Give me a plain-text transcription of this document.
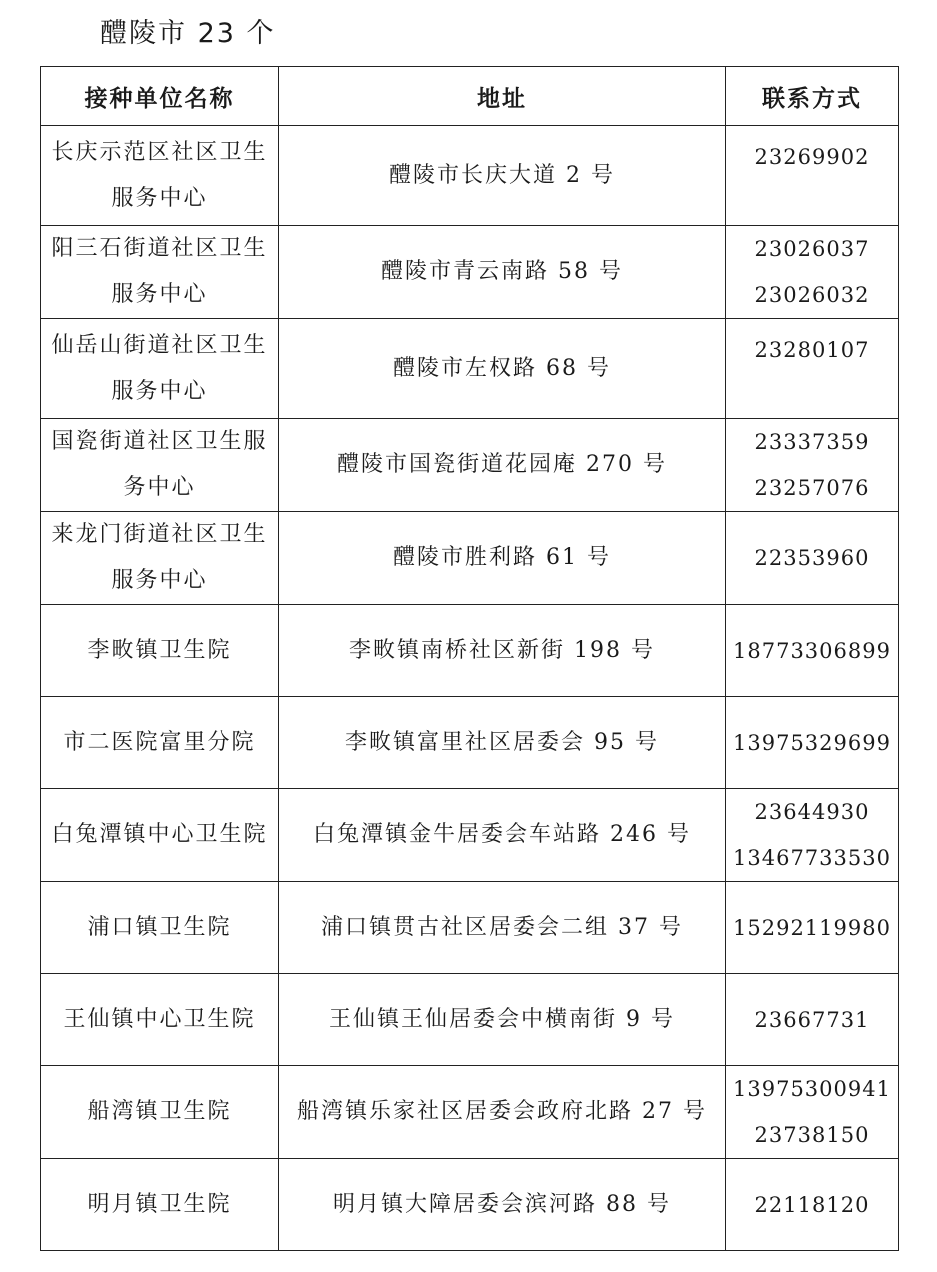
醴陵市 23 个
接种单位名称	地址	联系方式
长庆示范区社区卫生服务中心	醴陵市长庆大道 2 号	23269902

阳三石街道社区卫生服务中心	醴陵市青云南路 58 号	23026037
23026032

仙岳山街道社区卫生服务中心	醴陵市左权路 68 号	23280107

国瓷街道社区卫生服务中心	醴陵市国瓷街道花园庵 270 号	23337359
23257076

来龙门街道社区卫生服务中心	醴陵市胜利路 61 号	22353960

李畋镇卫生院	李畋镇南桥社区新街 198 号	18773306899

市二医院富里分院	李畋镇富里社区居委会 95 号	13975329699

白兔潭镇中心卫生院	白兔潭镇金牛居委会车站路 246 号	23644930
13467733530

浦口镇卫生院	浦口镇贯古社区居委会二组 37 号	15292119980

王仙镇中心卫生院	王仙镇王仙居委会中横南街 9 号	23667731

船湾镇卫生院	船湾镇乐家社区居委会政府北路 27 号	13975300941
23738150

明月镇卫生院	明月镇大障居委会滨河路 88 号	22118120
